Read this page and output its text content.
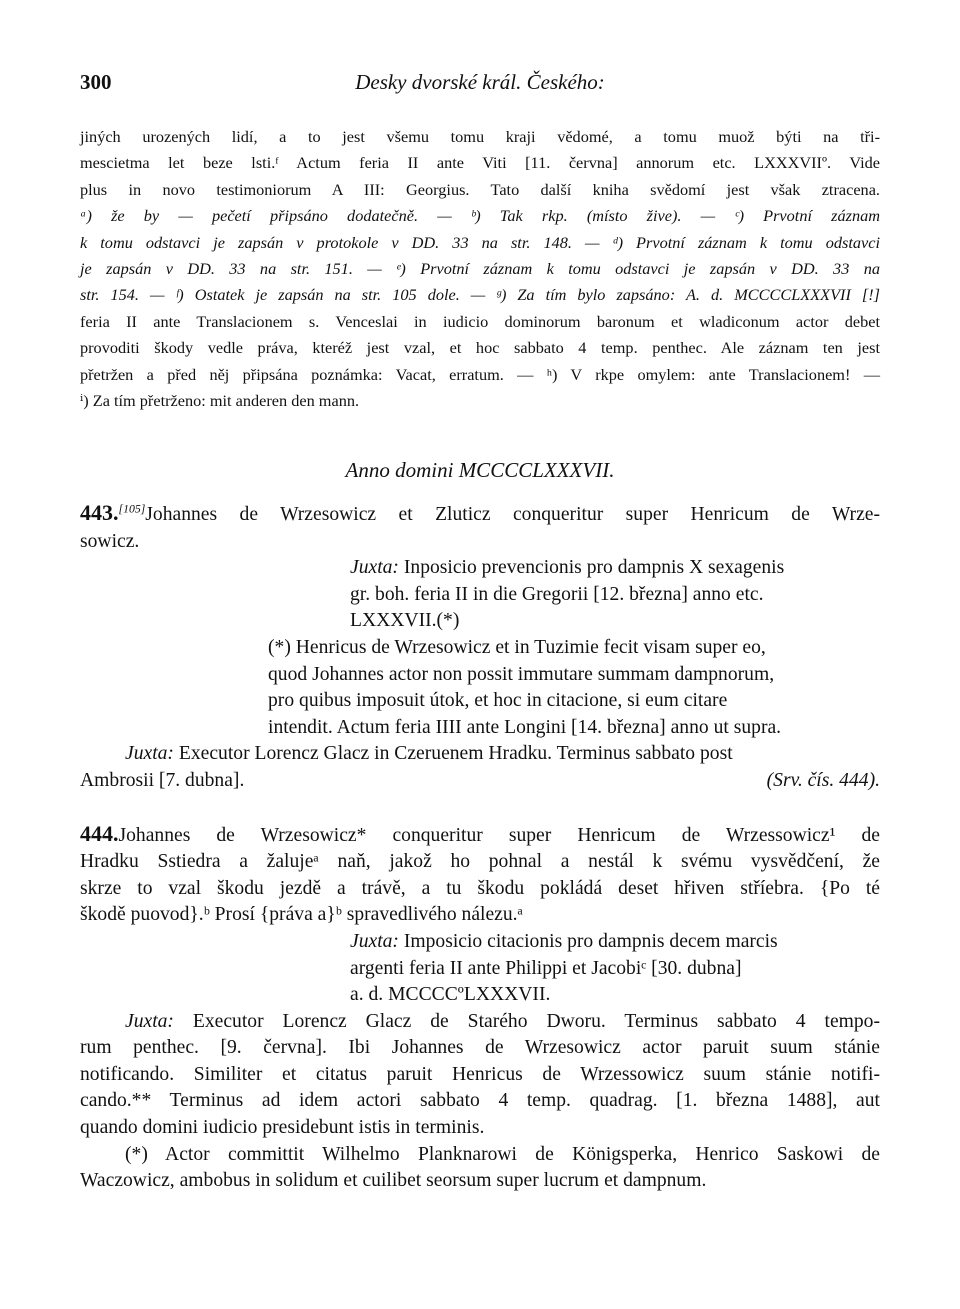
300	Desky dvorské král. Českého:
jiných urozených lidí, a to jest všemu tomu kraji vědomé, a tomu muož býti na tři-
mescietma let beze lsti.ᶠ Actum feria II ante Viti [11. června] annorum etc. LXXXVIIº. Vide
plus in novo testimoniorum A III: Georgius. Tato další kniha svědomí jest však ztracena.
ᵃ) že by — pečetí připsáno dodatečně. — ᵇ) Tak rkp. (místo žive). — ᶜ) Prvotní záznam
k tomu odstavci je zapsán v protokole v DD. 33 na str. 148. — ᵈ) Prvotní záznam k tomu odstavci
je zapsán v DD. 33 na str. 151. — ᵉ) Prvotní záznam k tomu odstavci je zapsán v DD. 33 na
str. 154. — ᶠ) Ostatek je zapsán na str. 105 dole. — ᵍ) Za tím bylo zapsáno: A. d. MCCCCLXXXVII [!]
feria II ante Translacionem s. Venceslai in iudicio dominorum baronum et wladiconum actor debet
provoditi škody vedle práva, kteréž jest vzal, et hoc sabbato 4 temp. penthec. Ale záznam ten jest
přetržen a před něj připsána poznámka: Vacat, erratum. — ʰ) V rkpe omylem: ante Translacionem! —
ⁱ) Za tím přetrženo: mit anderen den mann.
Anno domini MCCCCLXXXVII.
443.[105]Johannes de Wrzesowicz et Zluticz conqueritur super Henricum de Wrze-
sowicz.
Juxta: Inposicio prevencionis pro dampnis X sexagenis
gr. boh. feria II in die Gregorii [12. března] anno etc.
LXXXVII.(*)
(*) Henricus de Wrzesowicz et in Tuzimie fecit visam super eo,
quod Johannes actor non possit immutare summam dampnorum,
pro quibus imposuit útok, et hoc in citacione, si eum citare
intendit. Actum feria IIII ante Longini [14. března] anno ut supra.
Juxta: Executor Lorencz Glacz in Czeruenem Hradku. Terminus sabbato post
Ambrosii [7. dubna].	(Srv. čís. 444).
444.Johannes de Wrzesowicz* conqueritur super Henricum de Wrzessowicz¹ de
Hradku Sstiedra a žalujeᵃ naň, jakož ho pohnal a nestál k svému vysvědčení, že
skrze to vzal škodu jezdě a trávě, a tu škodu pokládá deset hřiven stříebra. {Po té
škodě puovod}.ᵇ Prosí {práva a}ᵇ spravedlivého nálezu.ᵃ
Juxta: Imposicio citacionis pro dampnis decem marcis
argenti feria II ante Philippi et Jacobiᶜ [30. dubna]
a. d. MCCCCºLXXXVII.
Juxta: Executor Lorencz Glacz de Starého Dworu. Terminus sabbato 4 tempo-
rum penthec. [9. června]. Ibi Johannes de Wrzesowicz actor paruit suum stánie
notificando. Similiter et citatus paruit Henricus de Wrzessowicz suum stánie notifi-
cando.** Terminus ad idem actori sabbato 4 temp. quadrag. [1. března 1488], aut
quando domini iudicio presidebunt istis in terminis.
(*) Actor committit Wilhelmo Planknarowi de Königsperka, Henrico Saskowi de
Waczowicz, ambobus in solidum et cuilibet seorsum super lucrum et dampnum.
